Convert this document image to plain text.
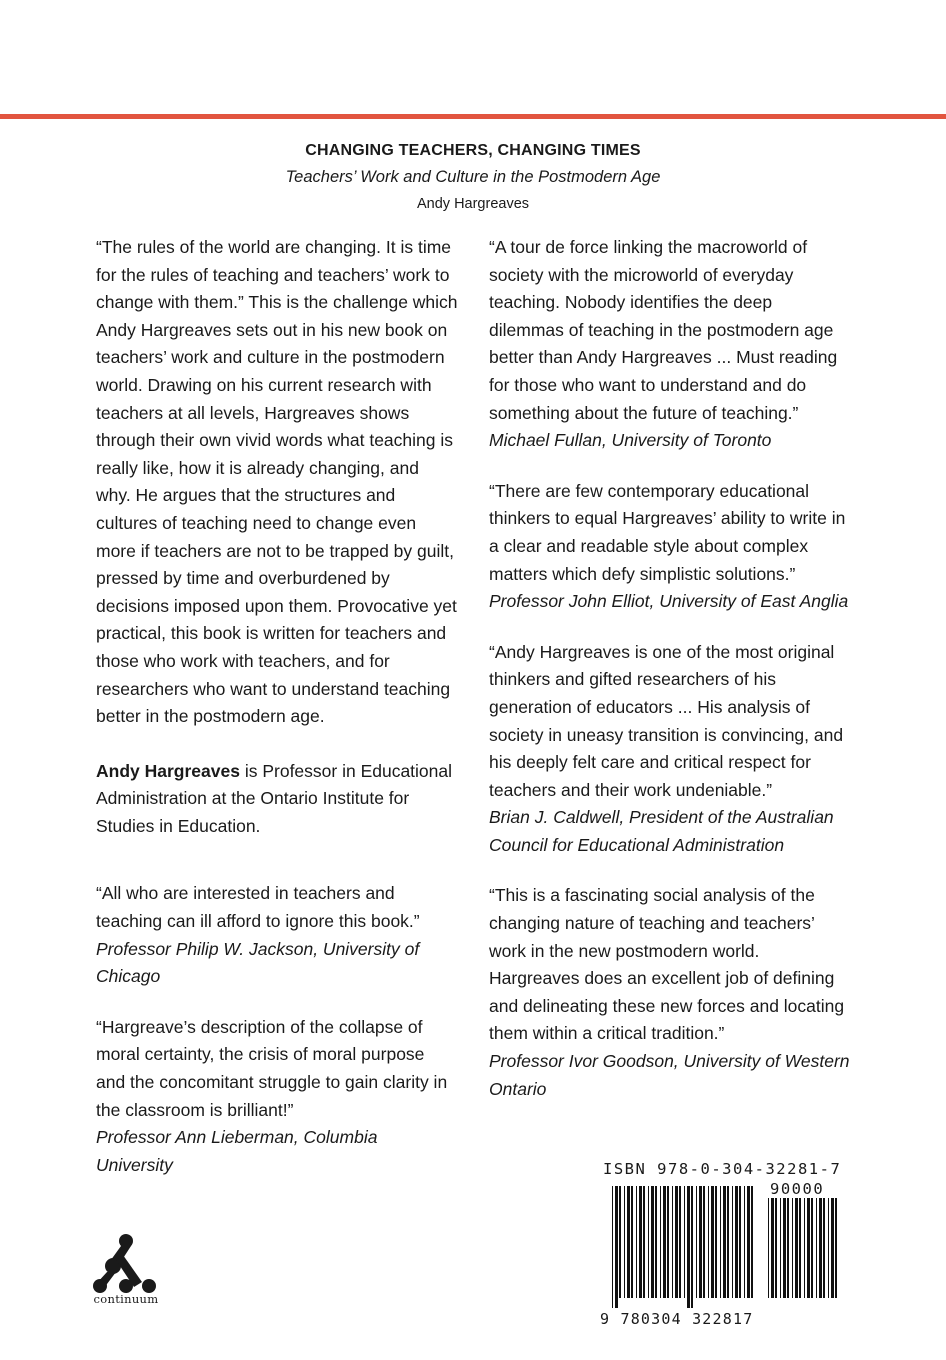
CHANGING TEACHERS, CHANGING TIMES
Teachers’ Work and Culture in the Postmodern Age
Andy Hargreaves

“The rules of the world are changing. It is time for the rules of teaching and teachers’ work to change with them.” This is the challenge which Andy Hargreaves sets out in his new book on teachers’ work and culture in the postmodern world. Drawing on his current research with teachers at all levels, Hargreaves shows through their own vivid words what teaching is really like, how it is already changing, and why. He argues that the structures and cultures of teaching need to change even more if teachers are not to be trapped by guilt, pressed by time and overburdened by decisions imposed upon them. Provocative yet practical, this book is written for teachers and those who work with teachers, and for researchers who want to understand teaching better in the postmodern age.

Andy Hargreaves is Professor in Educational Administration at the Ontario Institute for Studies in Education.

“All who are interested in teachers and teaching can ill afford to ignore this book.”

Professor Philip W. Jackson, University of Chicago

“Hargreave’s description of the collapse of moral certainty, the crisis of moral purpose and the concomitant struggle to gain clarity in the classroom is brilliant!”

Professor Ann Lieberman, Columbia University

“A tour de force linking the macroworld of society with the microworld of everyday teaching. Nobody identifies the deep dilemmas of teaching in the postmodern age better than Andy Hargreaves ... Must reading for those who want to understand and do something about the future of teaching.”

Michael Fullan, University of Toronto

“There are few contemporary educational thinkers to equal Hargreaves’ ability to write in a clear and readable style about complex matters which defy simplistic solutions.”

Professor John Elliot, University of East Anglia

“Andy Hargreaves is one of the most original thinkers and gifted researchers of his generation of educators ... His analysis of society in uneasy transition is convincing, and his deeply felt care and critical respect for teachers and their work undeniable.”

Brian J. Caldwell, President of the Australian Council for Educational Administration

“This is a fascinating social analysis of the changing nature of teaching and teachers’ work in the new postmodern world. Hargreaves does an excellent job of defining and delineating these new forces and locating them within a critical tradition.”

Professor Ivor Goodson, University of Western Ontario

continuum
ISBN 978-0-304-32281-7
90000
9 780304 322817
